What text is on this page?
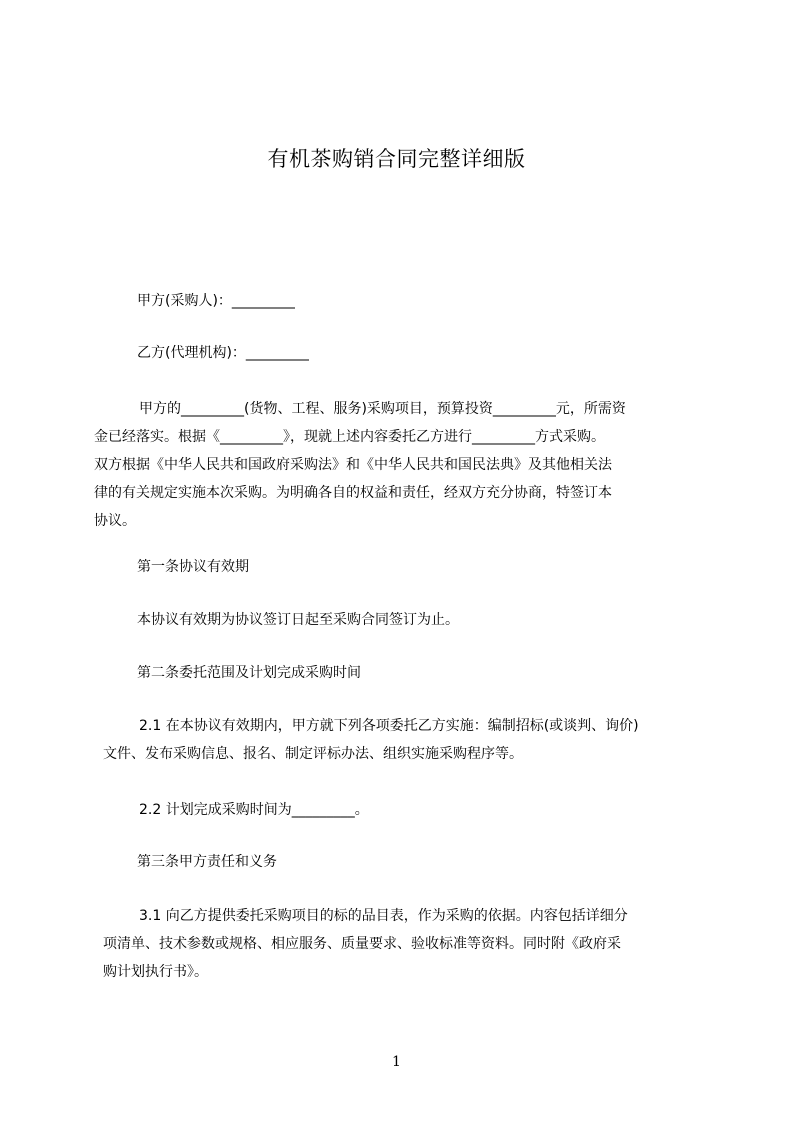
有机茶购销合同完整详细版
甲方(采购人)：_________
乙方(代理机构)：_________
甲方的_________(货物、工程、服务)采购项目，预算投资_________元，所需资
金已经落实。根据《_________》，现就上述内容委托乙方进行_________方式采购。
双方根据《中华人民共和国政府采购法》和《中华人民共和国民法典》及其他相关法
律的有关规定实施本次采购。为明确各自的权益和责任，经双方充分协商，特签订本
协议。
第一条协议有效期
本协议有效期为协议签订日起至采购合同签订为止。
第二条委托范围及计划完成采购时间
2.1 在本协议有效期内，甲方就下列各项委托乙方实施：编制招标(或谈判、询价)
文件、发布采购信息、报名、制定评标办法、组织实施采购程序等。
2.2 计划完成采购时间为_________。
第三条甲方责任和义务
3.1 向乙方提供委托采购项目的标的品目表，作为采购的依据。内容包括详细分
项清单、技术参数或规格、相应服务、质量要求、验收标准等资料。同时附《政府采
购计划执行书》。
1
